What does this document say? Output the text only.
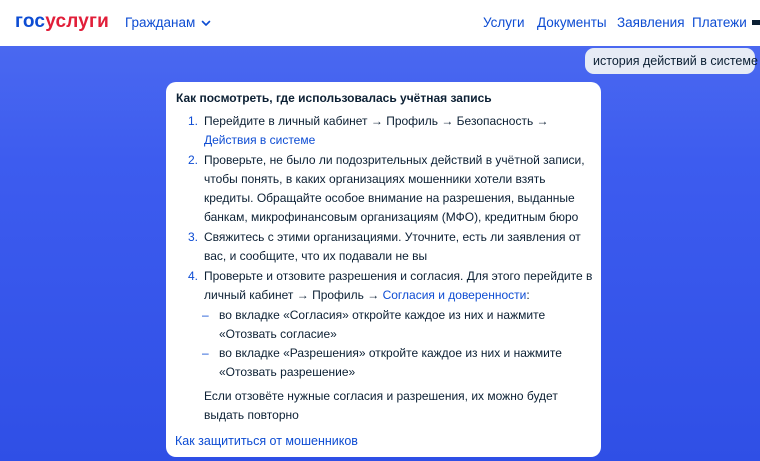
госуслуги Гражданам	Услуги Документы Заявления Платежи
история действий в системе
Как посмотреть, где использовалась учётная запись
1. Перейдите в личный кабинет → Профиль → Безопасность →
Действия в системе
2. Проверьте, не было ли подозрительных действий в учётной записи, чтобы понять, в каких организациях мошенники хотели взять кредиты. Обращайте особое внимание на разрешения, выданные банкам, микрофинансовым организациям (МФО), кредитным бюро
3. Свяжитесь с этими организациями. Уточните, есть ли заявления от вас, и сообщите, что их подавали не вы
4. Проверьте и отзовите разрешения и согласия. Для этого перейдите в личный кабинет → Профиль → Согласия и доверенности:
– во вкладке «Согласия» откройте каждое из них и нажмите «Отозвать согласие»
– во вкладке «Разрешения» откройте каждое из них и нажмите «Отозвать разрешение»
Если отзовёте нужные согласия и разрешения, их можно будет выдать повторно
Как защититься от мошенников
